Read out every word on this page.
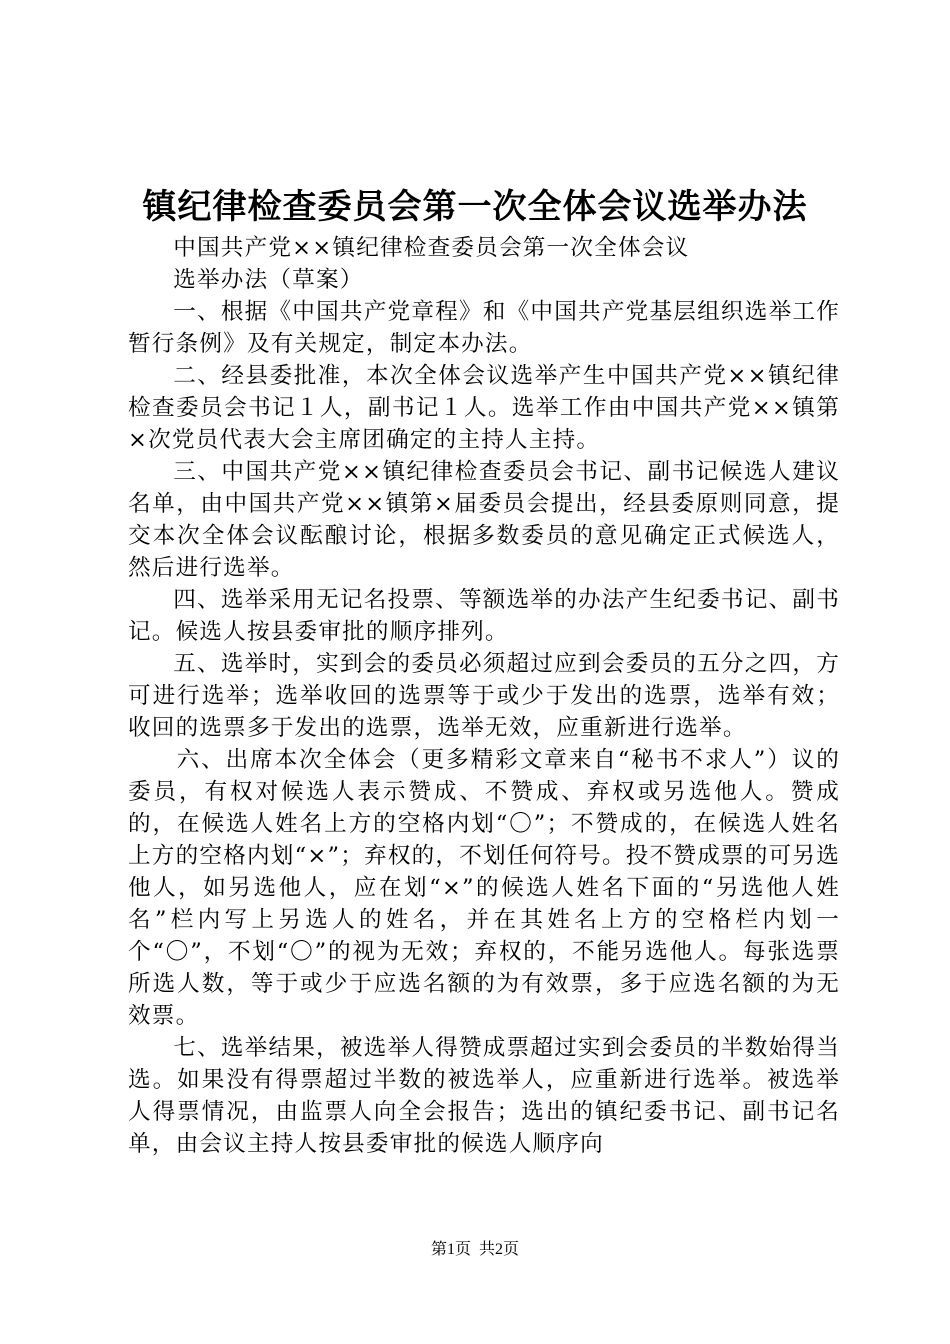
镇纪律检查委员会第一次全体会议选举办法

中国共产党××镇纪律检查委员会第一次全体会议

选举办法（草案）

一、根据《中国共产党章程》和《中国共产党基层组织选举工作暂行条例》及有关规定，制定本办法。

二、经县委批准，本次全体会议选举产生中国共产党××镇纪律检查委员会书记１人，副书记１人。选举工作由中国共产党××镇第×次党员代表大会主席团确定的主持人主持。

三、中国共产党××镇纪律检查委员会书记、副书记候选人建议名单，由中国共产党××镇第×届委员会提出，经县委原则同意，提交本次全体会议酝酿讨论，根据多数委员的意见确定正式候选人，然后进行选举。

四、选举采用无记名投票、等额选举的办法产生纪委书记、副书记。候选人按县委审批的顺序排列。

五、选举时，实到会的委员必须超过应到会委员的五分之四，方可进行选举；选举收回的选票等于或少于发出的选票，选举有效；收回的选票多于发出的选票，选举无效，应重新进行选举。

六、出席本次全体会（更多精彩文章来自“秘书不求人”）议的委员，有权对候选人表示赞成、不赞成、弃权或另选他人。赞成的，在候选人姓名上方的空格内划“〇”；不赞成的，在候选人姓名上方的空格内划“×”；弃权的，不划任何符号。投不赞成票的可另选他人，如另选他人，应在划“×”的候选人姓名下面的“另选他人姓名”栏内写上另选人的姓名，并在其姓名上方的空格栏内划一个“〇”，不划“〇”的视为无效；弃权的，不能另选他人。每张选票所选人数，等于或少于应选名额的为有效票，多于应选名额的为无效票。

七、选举结果，被选举人得赞成票超过实到会委员的半数始得当选。如果没有得票超过半数的被选举人，应重新进行选举。被选举人得票情况，由监票人向全会报告；选出的镇纪委书记、副书记名单，由会议主持人按县委审批的候选人顺序向

第1页  共2页
